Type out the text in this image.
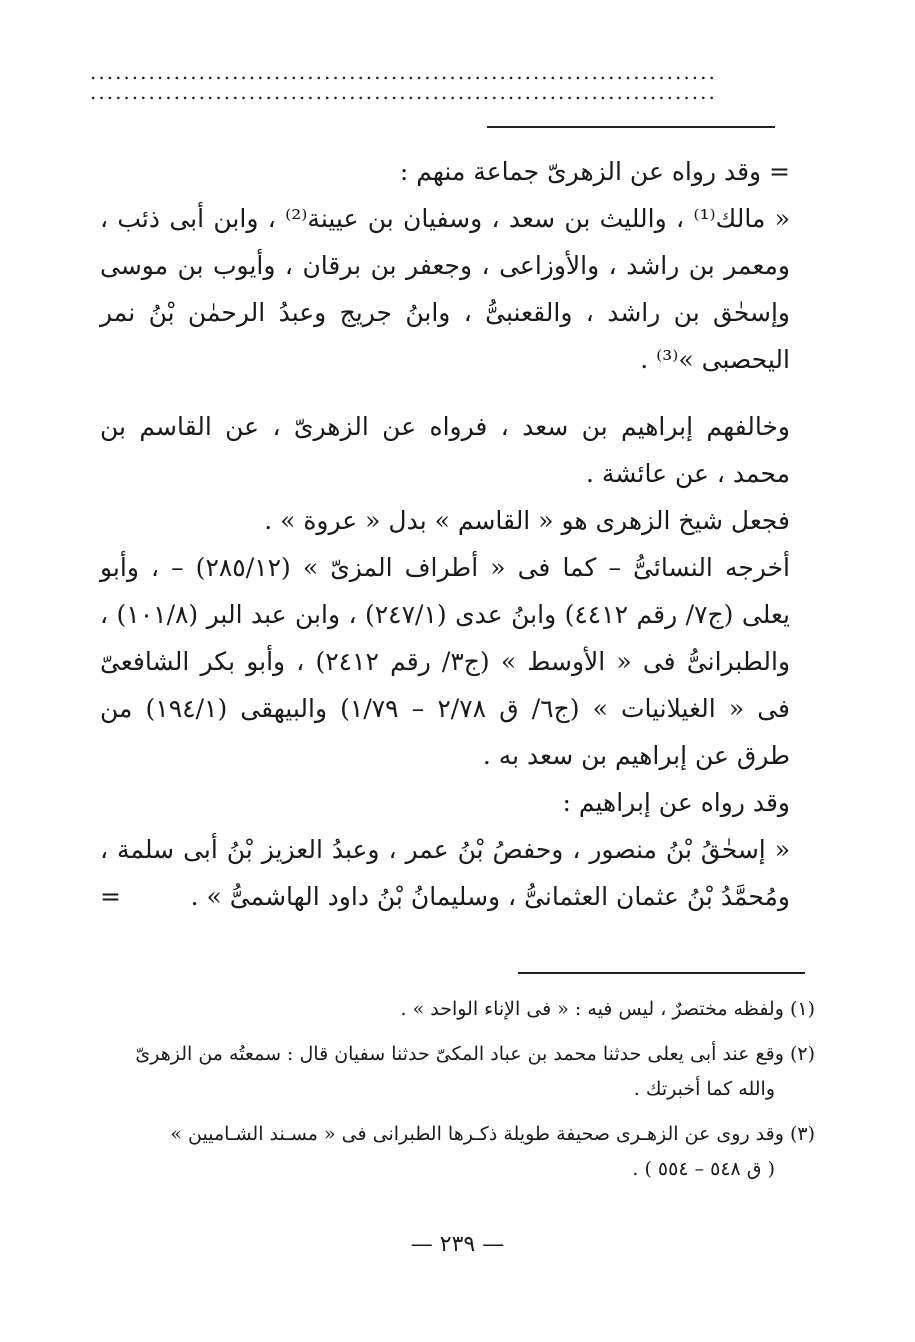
...........................................................................
...........................................................................

= وقد رواه عن الزهرىّ جماعة منهم :

« مالك⁽¹⁾ ، والليث بن سعد ، وسفيان بن عيينة⁽²⁾ ، وابن أبى ذئب ، ومعمر بن راشد ، والأوزاعى ، وجعفر بن برقان ، وأيوب بن موسى وإسحٰق بن راشد ، والقعنبىُّ ، وابنُ جريج وعبدُ الرحمٰن بْنُ نمر اليحصبى »⁽³⁾ .

وخالفهم إبراهيم بن سعد ، فرواه عن الزهرىّ ، عن القاسم بن محمد ، عن عائشة .

فجعل شيخ الزهرى هو « القاسم » بدل « عروة » .

أخرجه النسائىُّ – كما فى « أطراف المزىّ » (٢٨٥/١٢) – ، وأبو يعلى (ج٧/ رقم ٤٤١٢) وابنُ عدى (٢٤٧/١) ، وابن عبد البر (١٠١/٨) ، والطبرانىُّ فى « الأوسط » (ج٣/ رقم ٢٤١٢) ، وأبو بكر الشافعىّ فى « الغيلانيات » (ج٦/ ق ٢/٧٨ – ١/٧٩) والبيهقى (١٩٤/١) من طرق عن إبراهيم بن سعد به .

وقد رواه عن إبراهيم :

« إسحٰقُ بْنُ منصور ، وحفصُ بْنُ عمر ، وعبدُ العزيز بْنُ أبى سلمة ، ومُحمَّدُ بْنُ عثمان العثمانىُّ ، وسليمانُ بْنُ داود الهاشمىُّ » .
=

(١) ولفظه مختصرٌ ، ليس فيه : « فى الإناء الواحد » .

(٢) وقع عند أبى يعلى حدثنا محمد بن عباد المكىّ حدثنا سفيان قال : سمعتُه من الزهرىّ
والله كما أخبرتك .

(٣) وقد روى عن الزهـرى صحيفة طويلة ذكـرها الطبرانى فى « مسـند الشـاميين »
( ق ٥٤٨ – ٥٥٤ ) .

— ٢٣٩ —
